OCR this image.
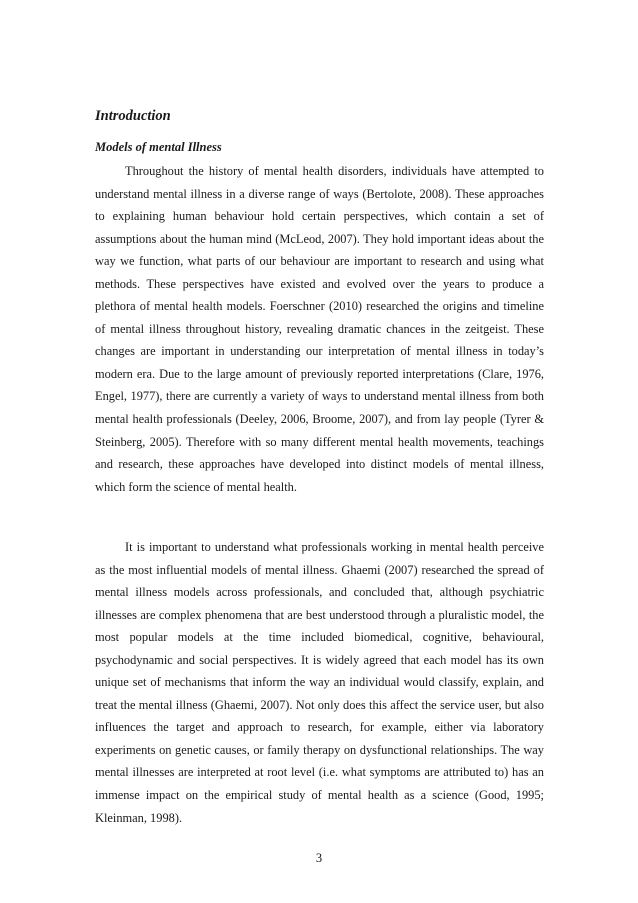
Introduction
Models of mental Illness

Throughout the history of mental health disorders, individuals have attempted to understand mental illness in a diverse range of ways (Bertolote, 2008). These approaches to explaining human behaviour hold certain perspectives, which contain a set of assumptions about the human mind (McLeod, 2007). They hold important ideas about the way we function, what parts of our behaviour are important to research and using what methods. These perspectives have existed and evolved over the years to produce a plethora of mental health models. Foerschner (2010) researched the origins and timeline of mental illness throughout history, revealing dramatic chances in the zeitgeist. These changes are important in understanding our interpretation of mental illness in today’s modern era. Due to the large amount of previously reported interpretations (Clare, 1976, Engel, 1977), there are currently a variety of ways to understand mental illness from both mental health professionals (Deeley, 2006, Broome, 2007), and from lay people (Tyrer & Steinberg, 2005). Therefore with so many different mental health movements, teachings and research, these approaches have developed into distinct models of mental illness, which form the science of mental health.

It is important to understand what professionals working in mental health perceive as the most influential models of mental illness. Ghaemi (2007) researched the spread of mental illness models across professionals, and concluded that, although psychiatric illnesses are complex phenomena that are best understood through a pluralistic model, the most popular models at the time included biomedical, cognitive, behavioural, psychodynamic and social perspectives. It is widely agreed that each model has its own unique set of mechanisms that inform the way an individual would classify, explain, and treat the mental illness (Ghaemi, 2007). Not only does this affect the service user, but also influences the target and approach to research, for example, either via laboratory experiments on genetic causes, or family therapy on dysfunctional relationships. The way mental illnesses are interpreted at root level (i.e. what symptoms are attributed to) has an immense impact on the empirical study of mental health as a science (Good, 1995; Kleinman, 1998).

3
